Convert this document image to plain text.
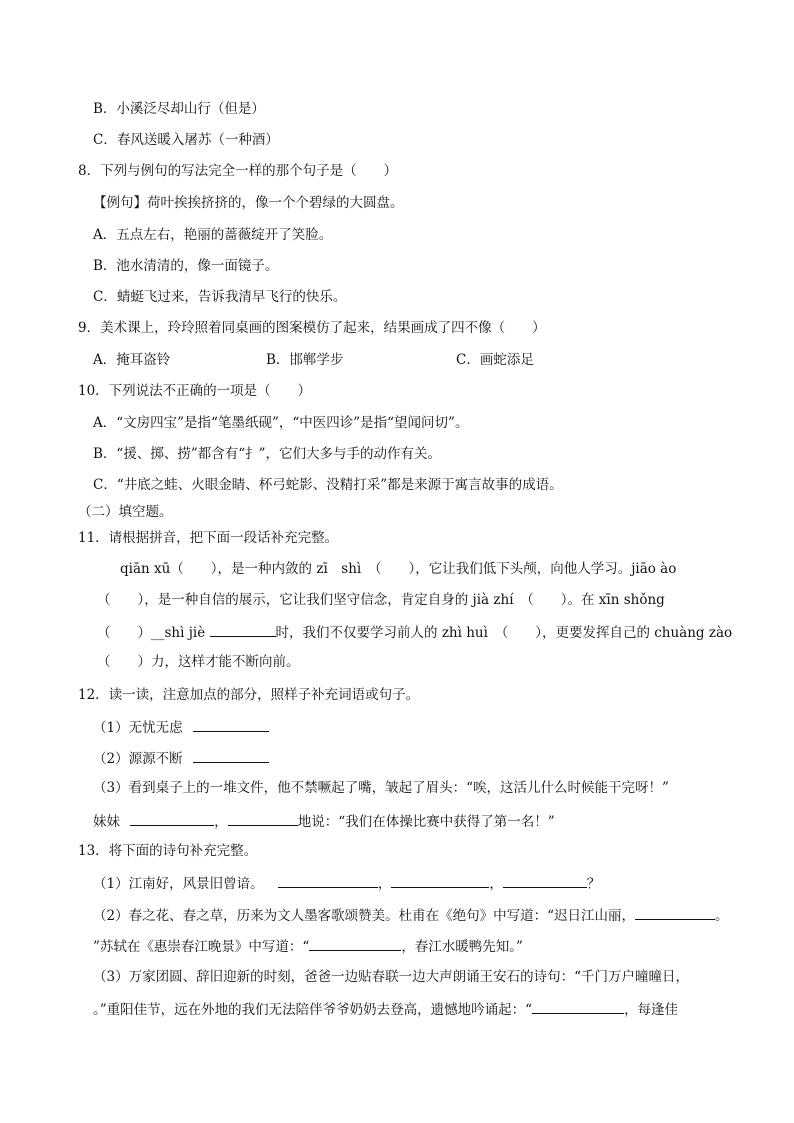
B．小溪泛尽却山行（但是）
C．春风送暖入屠苏（一种酒）
8．下列与例句的写法完全一样的那个句子是（　　）
【例句】荷叶挨挨挤挤的，像一个个碧绿的大圆盘。
A．五点左右，艳丽的蔷薇绽开了笑脸。
B．池水清清的，像一面镜子。
C．蜻蜓飞过来，告诉我清早飞行的快乐。
9．美术课上，玲玲照着同桌画的图案模仿了起来，结果画成了四不像（　　）
A．掩耳盗铃	B．邯郸学步	C．画蛇添足
10．下列说法不正确的一项是（　　）
A．“文房四宝”是指“笔墨纸砚”，“中医四诊”是指“望闻问切”。
B．“援、掷、捞”都含有“扌”，它们大多与手的动作有关。
C．“井底之蛙、火眼金睛、杯弓蛇影、没精打采”都是来源于寓言故事的成语。
（二）填空题。
11．请根据拼音，把下面一段话补充完整。
qiān xū（　　），是一种内敛的 zī　shì　（　　），它让我们低下头颅，向他人学习。jiāo ào
（　　），是一种自信的展示，它让我们坚守信念，肯定自身的 jià zhí　（　　）。在 xīn shǒng
（　　）__shì jiè	时，我们不仅要学习前人的 zhì huì　（　　），更要发挥自己的 chuàng zào
（　　）力，这样才能不断向前。
12．读一读，注意加点的部分，照样子补充词语或句子。
（1）无忧无虑
（2）源源不断
（3）看到桌子上的一堆文件，他不禁噘起了嘴，皱起了眉头：“唉，这活儿什么时候能干完呀！”
妹妹	，	地说：“我们在体操比赛中获得了第一名！”
13．将下面的诗句补充完整。
（1）江南好，风景旧曾谙。	，	，	？
（2）春之花、春之草，历来为文人墨客歌颂赞美。杜甫在《绝句》中写道：“迟日江山丽，	。
”苏轼在《惠崇春江晚景》中写道：“	，春江水暖鸭先知。”
（3）万家团圆、辞旧迎新的时刻，爸爸一边贴春联一边大声朗诵王安石的诗句：“千门万户曈曈日，
。”重阳佳节，远在外地的我们无法陪伴爷爷奶奶去登高，遗憾地吟诵起：“	，每逢佳
